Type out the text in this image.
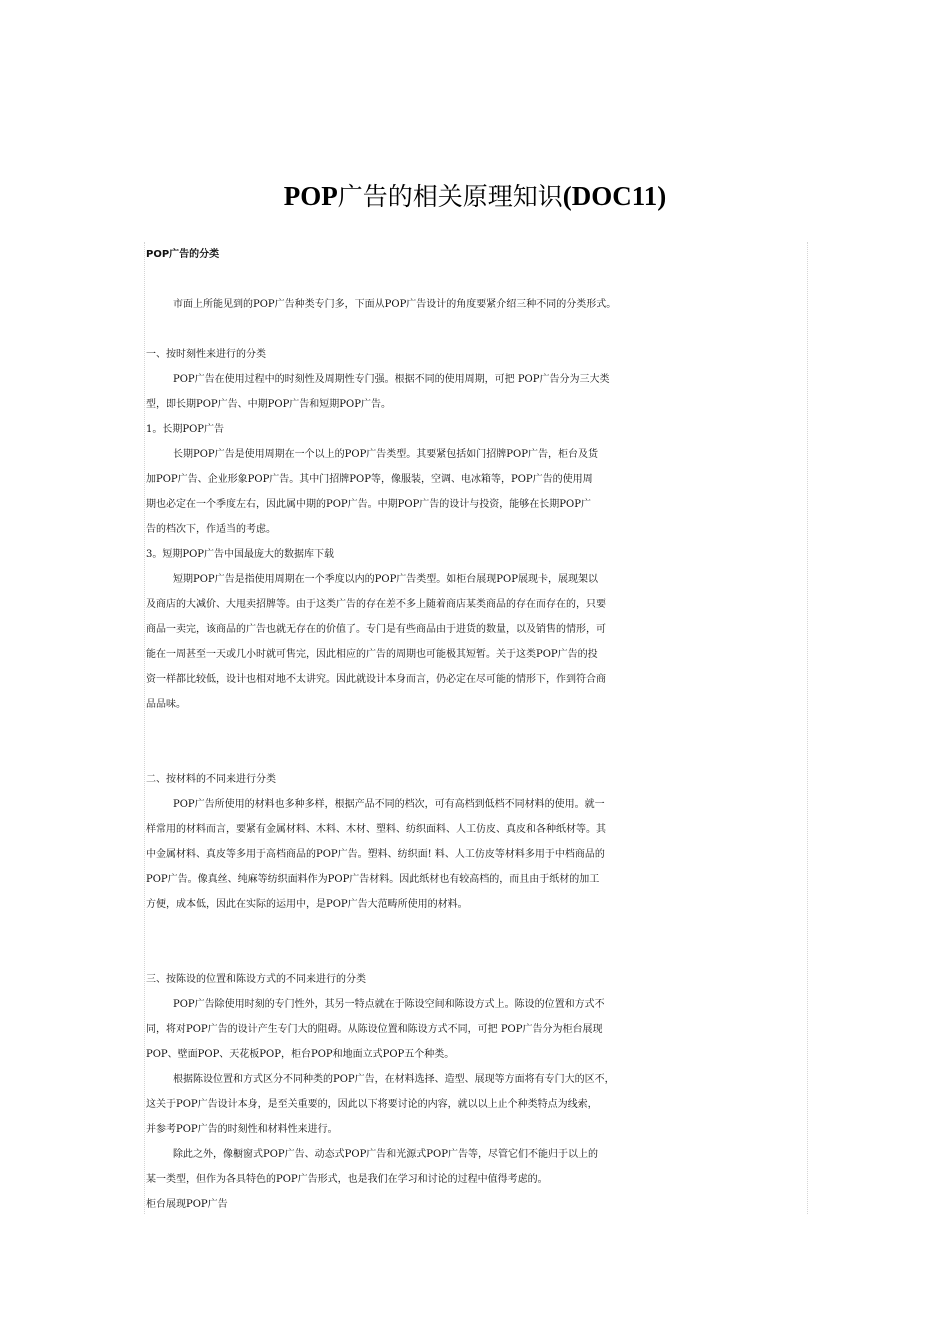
POP广告的相关原理知识(DOC11)
POP广告的分类
市面上所能见到的POP广告种类专门多，下面从POP广告设计的角度要紧介绍三种不同的分类形式。
一、按时刻性来进行的分类
POP广告在使用过程中的时刻性及周期性专门强。根据不同的使用周期，可把 POP广告分为三大类
型，即长期POP广告、中期POP广告和短期POP广告。
1。长期POP广告
长期POP广告是使用周期在一个以上的POP广告类型。其要紧包括如门招牌POP广告，柜台及货
加POP广告、企业形象POP广告。其中门招牌POP等，像服装，空调、电冰箱等，POP广告的使用周
期也必定在一个季度左右，因此属中期的POP广告。中期POP广告的设计与投资，能够在长期POP广
告的档次下，作适当的考虑。
3。短期POP广告中国最庞大的数据库下载
短期POP广告是指使用周期在一个季度以内的POP广告类型。如柜台展现POP展现卡，展现架以
及商店的大减价、大甩卖招牌等。由于这类广告的存在差不多上随着商店某类商品的存在而存在的，只要
商品一卖完，该商品的广告也就无存在的价值了。专门是有些商品由于进货的数量，以及销售的情形，可
能在一周甚至一天或几小时就可售完，因此相应的广告的周期也可能极其短暂。关于这类POP广告的投
资一样都比较低，设计也相对地不太讲究。因此就设计本身而言，仍必定在尽可能的情形下，作到符合商
品品味。
二、按材料的不同来进行分类
POP广告所使用的材料也多种多样，根据产品不同的档次，可有高档到低档不同材料的使用。就一
样常用的材料而言，要紧有金属材料、木料、木材、塑料、纺织面料、人工仿皮、真皮和各种纸材等。其
中金属材料、真皮等多用于高档商品的POP广告。塑料、纺织面! 料、人工仿皮等材料多用于中档商品的
POP广告。像真丝、纯麻等纺织面料作为POP广告材料。因此纸材也有较高档的，而且由于纸材的加工
方便，成本低，因此在实际的运用中，是POP广告大范畴所使用的材料。
三、按陈设的位置和陈设方式的不同来进行的分类
POP广告除使用时刻的专门性外，其另一特点就在于陈设空间和陈设方式上。陈设的位置和方式不
同，将对POP广告的设计产生专门大的阻碍。从陈设位置和陈设方式不同，可把 POP广告分为柜台展现
POP、壁面POP、天花板POP，柜台POP和地面立式POP五个种类。
根据陈设位置和方式区分不同种类的POP广告，在材料选择、造型、展现等方面将有专门大的区不，
这关于POP广告设计本身，是至关重要的，因此以下将要讨论的内容，就以以上止个种类特点为线索，
并参考POP广告的时刻性和材料性来进行。
除此之外，像橱窗式POP广告、动态式POP广告和光源式POP广告等，尽管它们不能归于以上的
某一类型，但作为各具特色的POP广告形式，也是我们在学习和讨论的过程中值得考虑的。
柜台展现POP广告
